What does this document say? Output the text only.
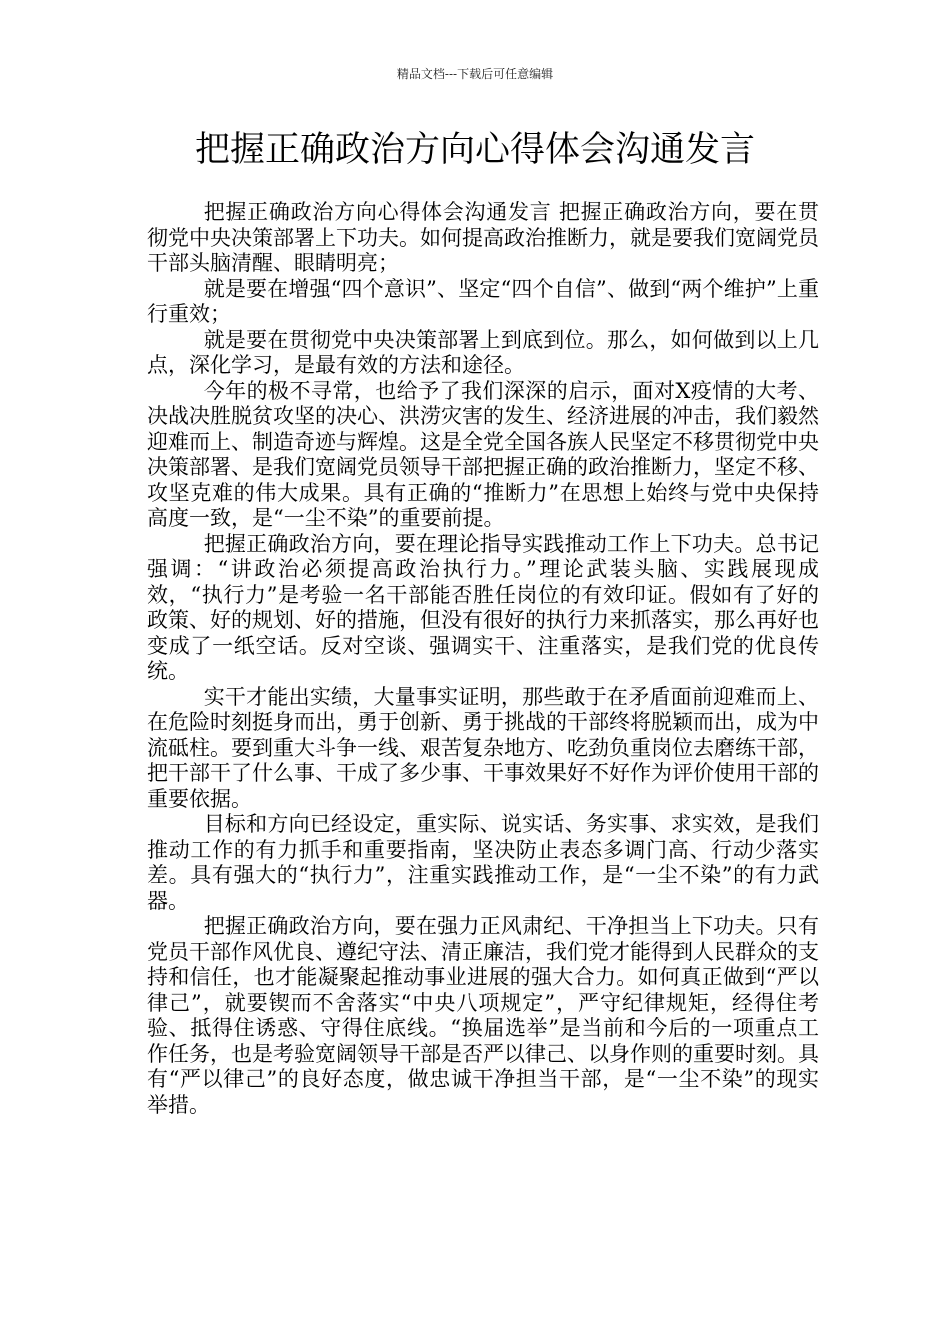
精品文档---下载后可任意编辑
把握正确政治方向心得体会沟通发言

把握正确政治方向心得体会沟通发言 把握正确政治方向，要在贯彻党中央决策部署上下功夫。如何提高政治推断力，就是要我们宽阔党员干部头脑清醒、眼睛明亮；

就是要在增强“四个意识”、坚定“四个自信”、做到“两个维护”上重行重效；

就是要在贯彻党中央决策部署上到底到位。那么，如何做到以上几点，深化学习，是最有效的方法和途径。

今年的极不寻常，也给予了我们深深的启示，面对X疫情的大考、决战决胜脱贫攻坚的决心、洪涝灾害的发生、经济进展的冲击，我们毅然迎难而上、制造奇迹与辉煌。这是全党全国各族人民坚定不移贯彻党中央决策部署、是我们宽阔党员领导干部把握正确的政治推断力，坚定不移、攻坚克难的伟大成果。具有正确的“推断力”在思想上始终与党中央保持高度一致，是“一尘不染”的重要前提。

把握正确政治方向，要在理论指导实践推动工作上下功夫。总书记强调：“讲政治必须提高政治执行力。”理论武装头脑、实践展现成效，“执行力”是考验一名干部能否胜任岗位的有效印证。假如有了好的政策、好的规划、好的措施，但没有很好的执行力来抓落实，那么再好也变成了一纸空话。反对空谈、强调实干、注重落实，是我们党的优良传统。

实干才能出实绩，大量事实证明，那些敢于在矛盾面前迎难而上、在危险时刻挺身而出，勇于创新、勇于挑战的干部终将脱颖而出，成为中流砥柱。要到重大斗争一线、艰苦复杂地方、吃劲负重岗位去磨练干部，把干部干了什么事、干成了多少事、干事效果好不好作为评价使用干部的重要依据。

目标和方向已经设定，重实际、说实话、务实事、求实效，是我们推动工作的有力抓手和重要指南，坚决防止表态多调门高、行动少落实差。具有强大的“执行力”，注重实践推动工作，是“一尘不染”的有力武器。

把握正确政治方向，要在强力正风肃纪、干净担当上下功夫。只有党员干部作风优良、遵纪守法、清正廉洁，我们党才能得到人民群众的支持和信任，也才能凝聚起推动事业进展的强大合力。如何真正做到“严以律己”，就要锲而不舍落实“中央八项规定”，严守纪律规矩，经得住考验、抵得住诱惑、守得住底线。“换届选举”是当前和今后的一项重点工作任务，也是考验宽阔领导干部是否严以律己、以身作则的重要时刻。具有“严以律己”的良好态度，做忠诚干净担当干部，是“一尘不染”的现实举措。
